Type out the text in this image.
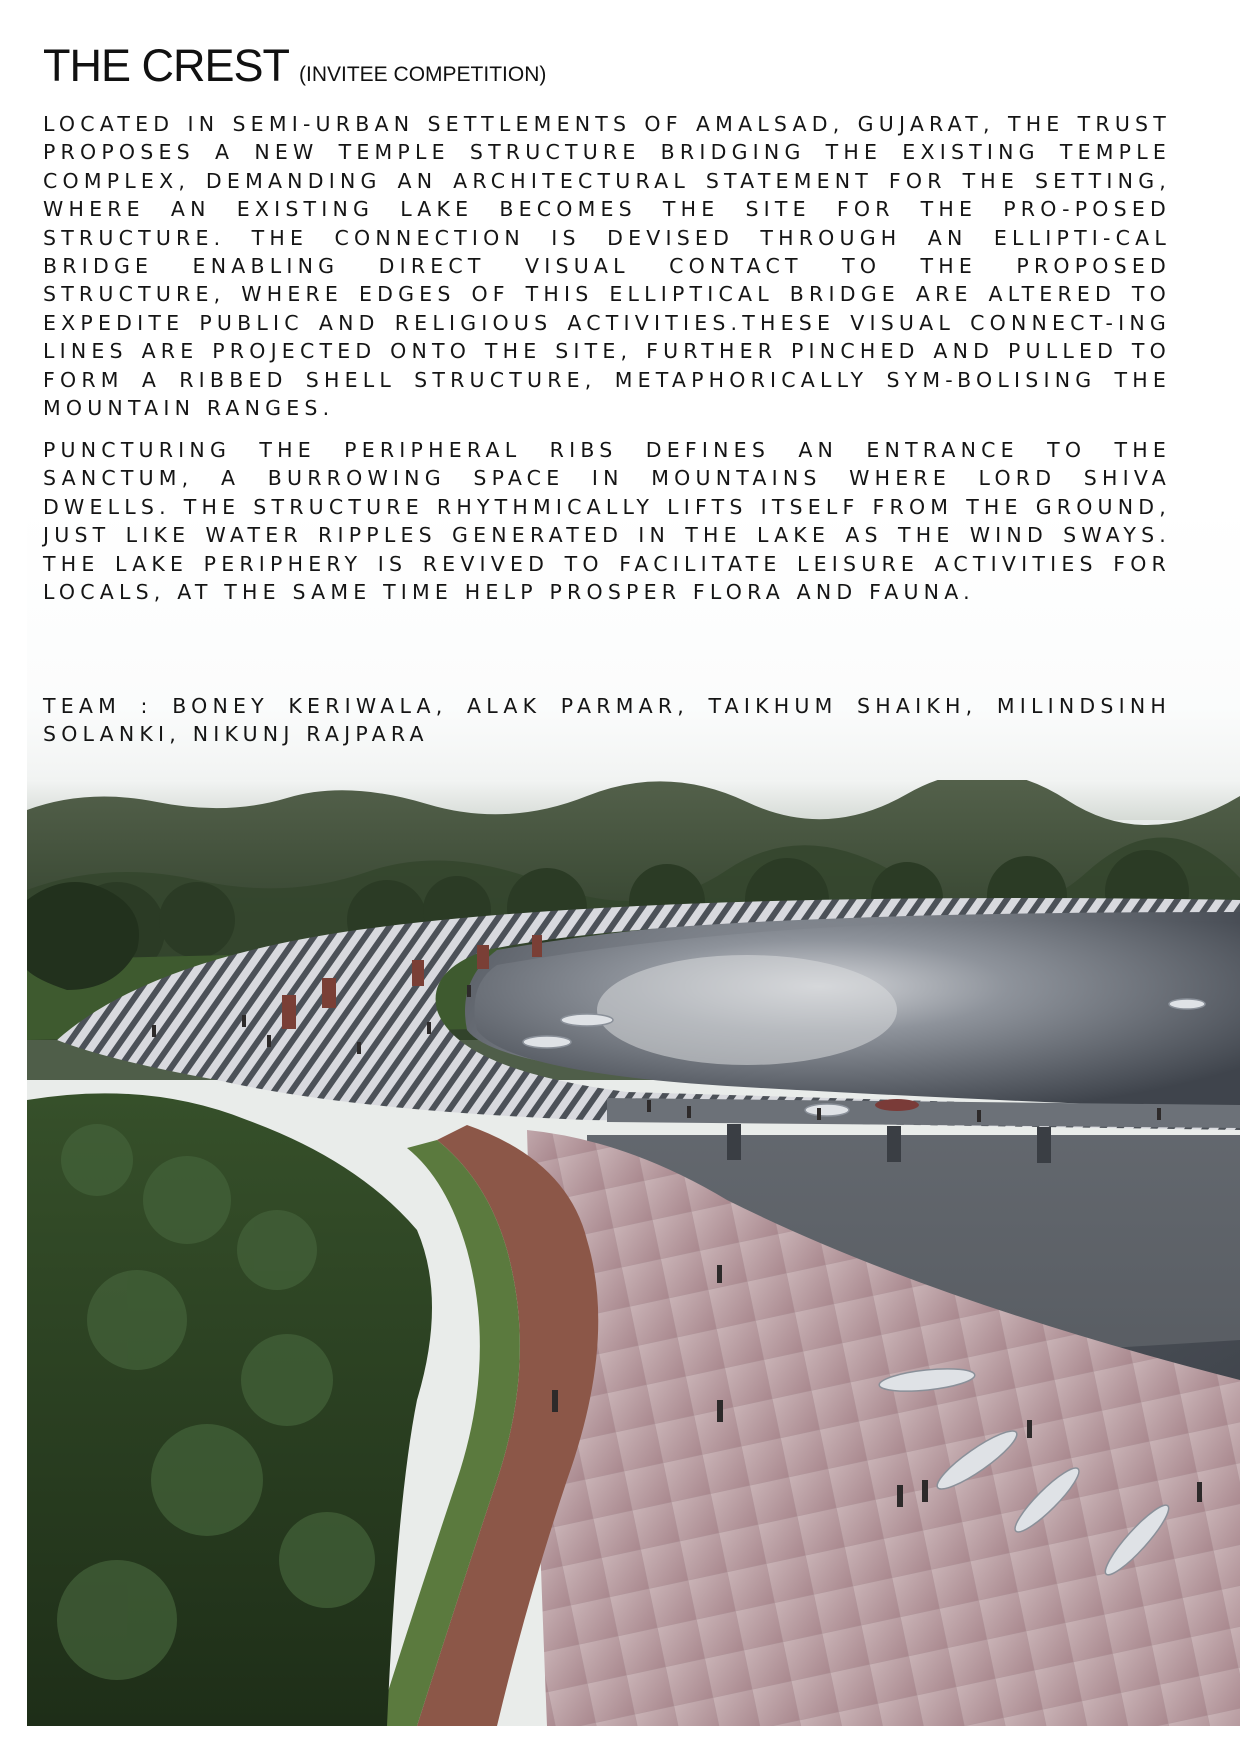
THE CREST (INVITEE COMPETITION)

LOCATED IN SEMI-URBAN SETTLEMENTS OF AMALSAD, GUJARAT, THE TRUST PROPOSES A NEW TEMPLE STRUCTURE BRIDGING THE EXISTING TEMPLE COMPLEX, DEMANDING AN ARCHITECTURAL STATEMENT FOR THE SETTING, WHERE AN EXISTING LAKE BECOMES THE SITE FOR THE PRO-POSED STRUCTURE. THE CONNECTION IS DEVISED THROUGH AN ELLIPTI-CAL BRIDGE ENABLING DIRECT VISUAL CONTACT TO THE PROPOSED STRUCTURE, WHERE EDGES OF THIS ELLIPTICAL BRIDGE ARE ALTERED TO EXPEDITE PUBLIC AND RELIGIOUS ACTIVITIES.THESE VISUAL CONNECT-ING LINES ARE PROJECTED ONTO THE SITE, FURTHER PINCHED AND PULLED TO FORM A RIBBED SHELL STRUCTURE, METAPHORICALLY SYM-BOLISING THE MOUNTAIN RANGES.

PUNCTURING THE PERIPHERAL RIBS DEFINES AN ENTRANCE TO THE SANCTUM, A BURROWING SPACE IN MOUNTAINS WHERE LORD SHIVA DWELLS. THE STRUCTURE RHYTHMICALLY LIFTS ITSELF FROM THE GROUND, JUST LIKE WATER RIPPLES GENERATED IN THE LAKE AS THE WIND SWAYS. THE LAKE PERIPHERY IS REVIVED TO FACILITATE LEISURE ACTIVITIES FOR LOCALS, AT THE SAME TIME HELP PROSPER FLORA AND FAUNA.

TEAM : BONEY KERIWALA, ALAK PARMAR, TAIKHUM SHAIKH, MILINDSINH SOLANKI, NIKUNJ RAJPARA
